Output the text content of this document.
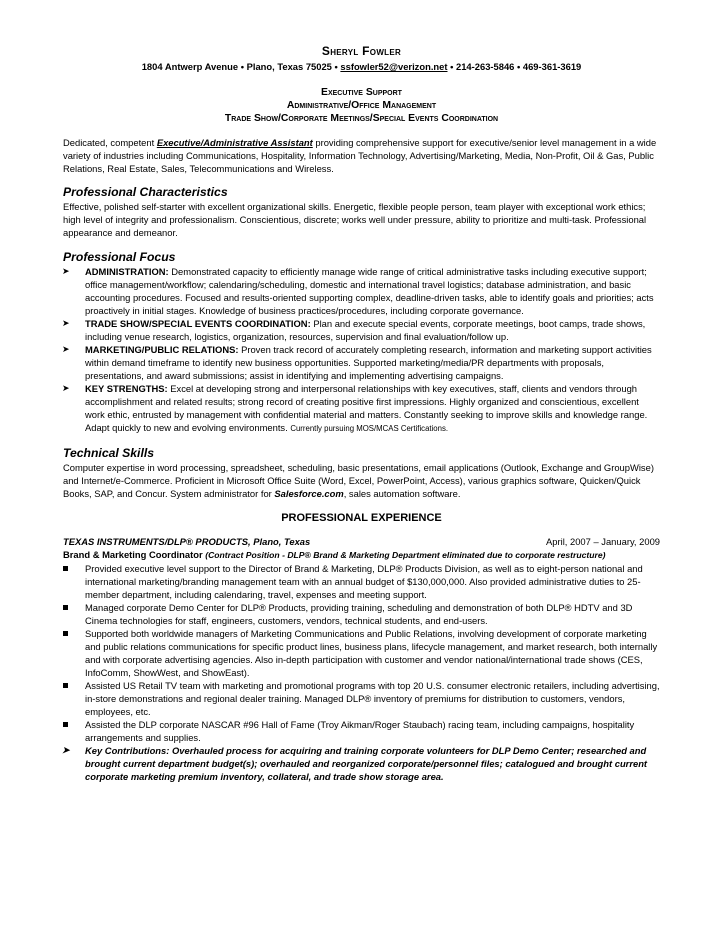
Sheryl Fowler
1804 Antwerp Avenue • Plano, Texas 75025 • ssfowler52@verizon.net • 214-263-5846 • 469-361-3619
Executive Support
Administrative/Office Management
Trade Show/Corporate Meetings/Special Events Coordination

Dedicated, competent Executive/Administrative Assistant providing comprehensive support for executive/senior level management in a wide variety of industries including Communications, Hospitality, Information Technology, Advertising/Marketing, Media, Non-Profit, Oil & Gas, Public Relations, Real Estate, Sales, Telecommunications and Wireless.

Professional Characteristics

Effective, polished self-starter with excellent organizational skills. Energetic, flexible people person, team player with exceptional work ethics; high level of integrity and professionalism. Conscientious, discrete; works well under pressure, ability to prioritize and multi-task. Professional appearance and demeanor.

Professional Focus
➤	ADMINISTRATION: Demonstrated capacity to efficiently manage wide range of critical administrative tasks including executive support; office management/workflow; calendaring/scheduling, domestic and international travel logistics; database administration, and basic accounting procedures. Focused and results-oriented supporting complex, deadline-driven tasks, able to identify goals and priorities; acts proactively in initial stages. Knowledge of business practices/procedures, including corporate governance.
➤	TRADE SHOW/SPECIAL EVENTS COORDINATION: Plan and execute special events, corporate meetings, boot camps, trade shows, including venue research, logistics, organization, resources, supervision and final evaluation/follow up.
➤	MARKETING/PUBLIC RELATIONS: Proven track record of accurately completing research, information and marketing support activities within demand timeframe to identify new business opportunities. Supported marketing/media/PR departments with proposals, presentations, and award submissions; assist in identifying and implementing advertising campaigns.
➤	KEY STRENGTHS: Excel at developing strong and interpersonal relationships with key executives, staff, clients and vendors through accomplishment and related results; strong record of creating positive first impressions. Highly organized and conscientious, excellent work ethic, entrusted by management with confidential material and matters. Constantly seeking to improve skills and knowledge range. Adapt quickly to new and evolving environments. Currently pursuing MOS/MCAS Certifications.
Technical Skills

Computer expertise in word processing, spreadsheet, scheduling, basic presentations, email applications (Outlook, Exchange and GroupWise) and Internet/e-Commerce. Proficient in Microsoft Office Suite (Word, Excel, PowerPoint, Access), various graphics software, Quicken/Quick Books, SAP, and Concur. System administrator for Salesforce.com, sales automation software.

PROFESSIONAL EXPERIENCE
TEXAS INSTRUMENTS/DLP® PRODUCTS, Plano, Texas	April, 2007 – January, 2009
Brand & Marketing Coordinator (Contract Position - DLP® Brand & Marketing Department eliminated due to corporate restructure)
Provided executive level support to the Director of Brand & Marketing, DLP® Products Division, as well as to eight-person national and international marketing/branding management team with an annual budget of $130,000,000. Also provided administrative duties to 25-member department, including calendaring, travel, expenses and meeting support.
Managed corporate Demo Center for DLP® Products, providing training, scheduling and demonstration of both DLP® HDTV and 3D Cinema technologies for staff, engineers, customers, vendors, technical students, and end-users.
Supported both worldwide managers of Marketing Communications and Public Relations, involving development of corporate marketing and public relations communications for specific product lines, business plans, lifecycle management, and market research, both internally and with corporate advertising agencies. Also in-depth participation with customer and vendor national/international trade shows (CES, InfoComm, ShowWest, and ShowEast).
Assisted US Retail TV team with marketing and promotional programs with top 20 U.S. consumer electronic retailers, including advertising, in-store demonstrations and regional dealer training. Managed DLP® inventory of premiums for distribution to customers, vendors, employees, etc.
Assisted the DLP corporate NASCAR #96 Hall of Fame (Troy Aikman/Roger Staubach) racing team, including campaigns, hospitality arrangements and supplies.
➤	Key Contributions: Overhauled process for acquiring and training corporate volunteers for DLP Demo Center; researched and brought current department budget(s); overhauled and reorganized corporate/personnel files; catalogued and brought current corporate marketing premium inventory, collateral, and trade show storage area.
